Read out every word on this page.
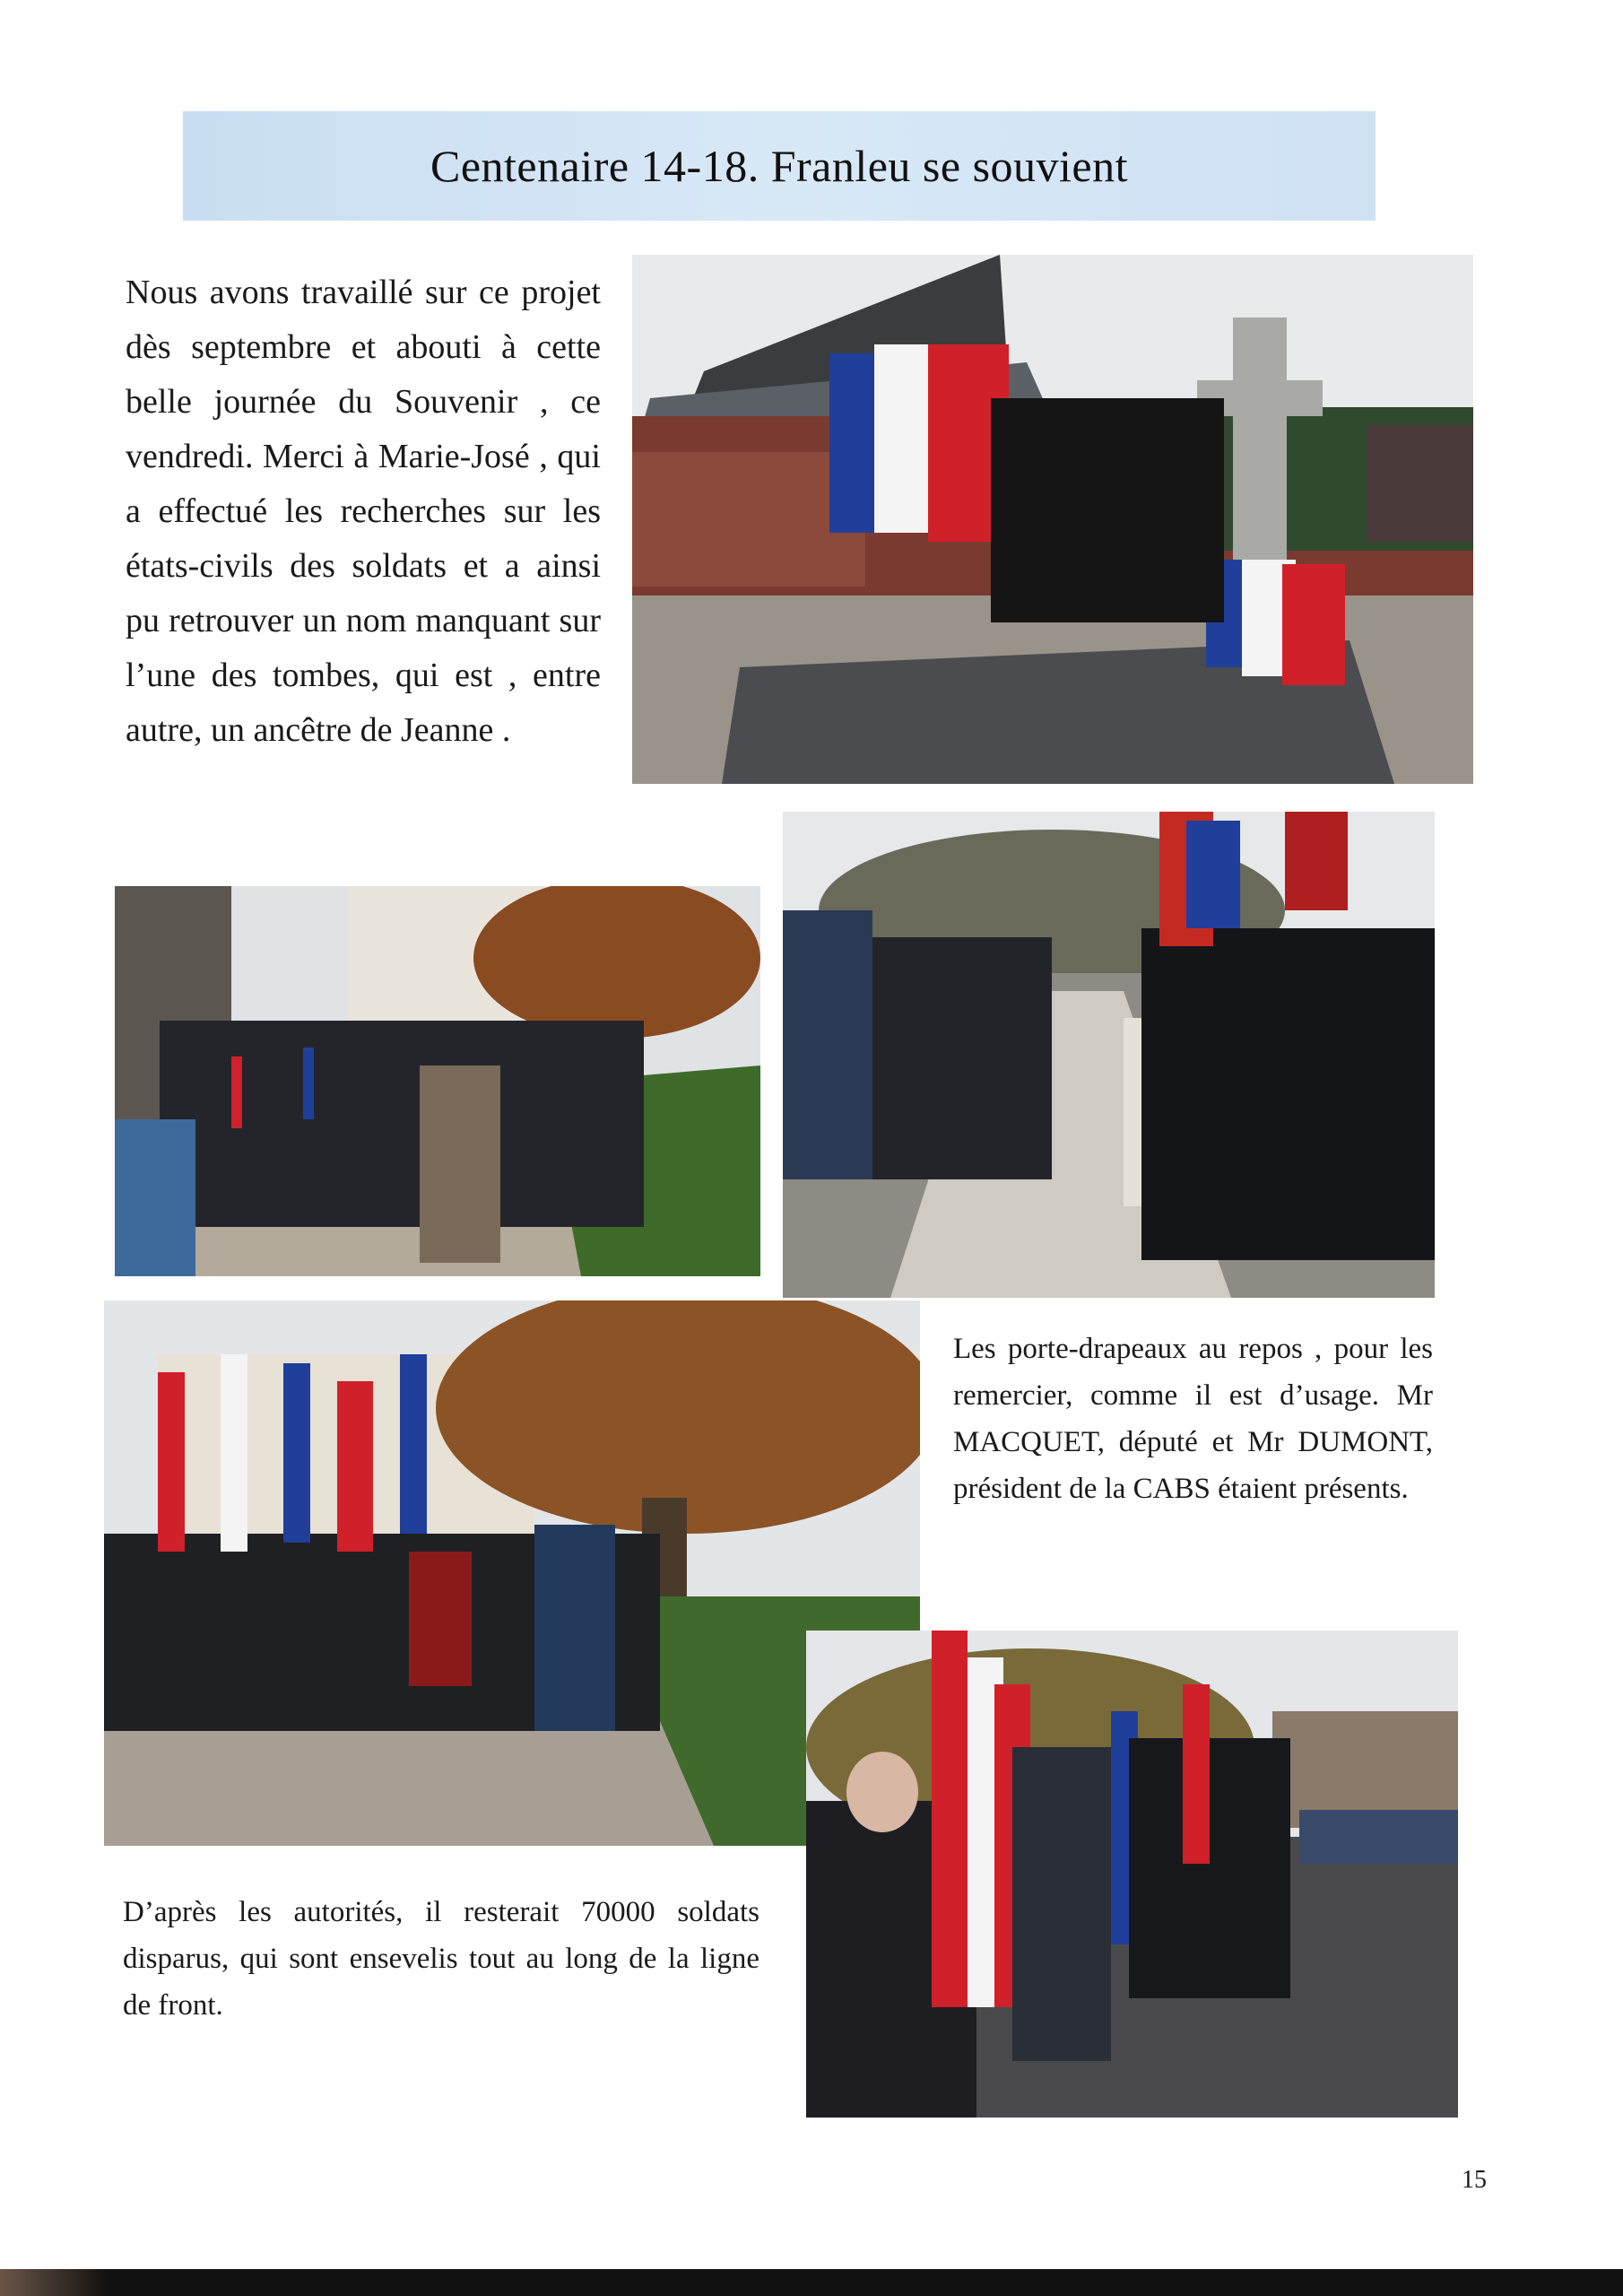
Centenaire 14-18. Franleu se souvient

Nous avons travaillé sur ce projet dès septembre et abouti à cette belle journée du Souvenir , ce vendredi. Merci à Marie-José , qui a effectué les recherches sur les états-civils des soldats et a ainsi pu retrouver un nom manquant sur l’une des tombes, qui est , entre autre, un ancêtre de Jeanne .

Les porte-drapeaux au repos , pour les remercier, comme il est d’usage. Mr MACQUET, député et Mr DUMONT, président de la CABS étaient présents.

D’après les autorités, il resterait 70000 soldats disparus, qui sont ensevelis tout au long de la ligne de front.

15
